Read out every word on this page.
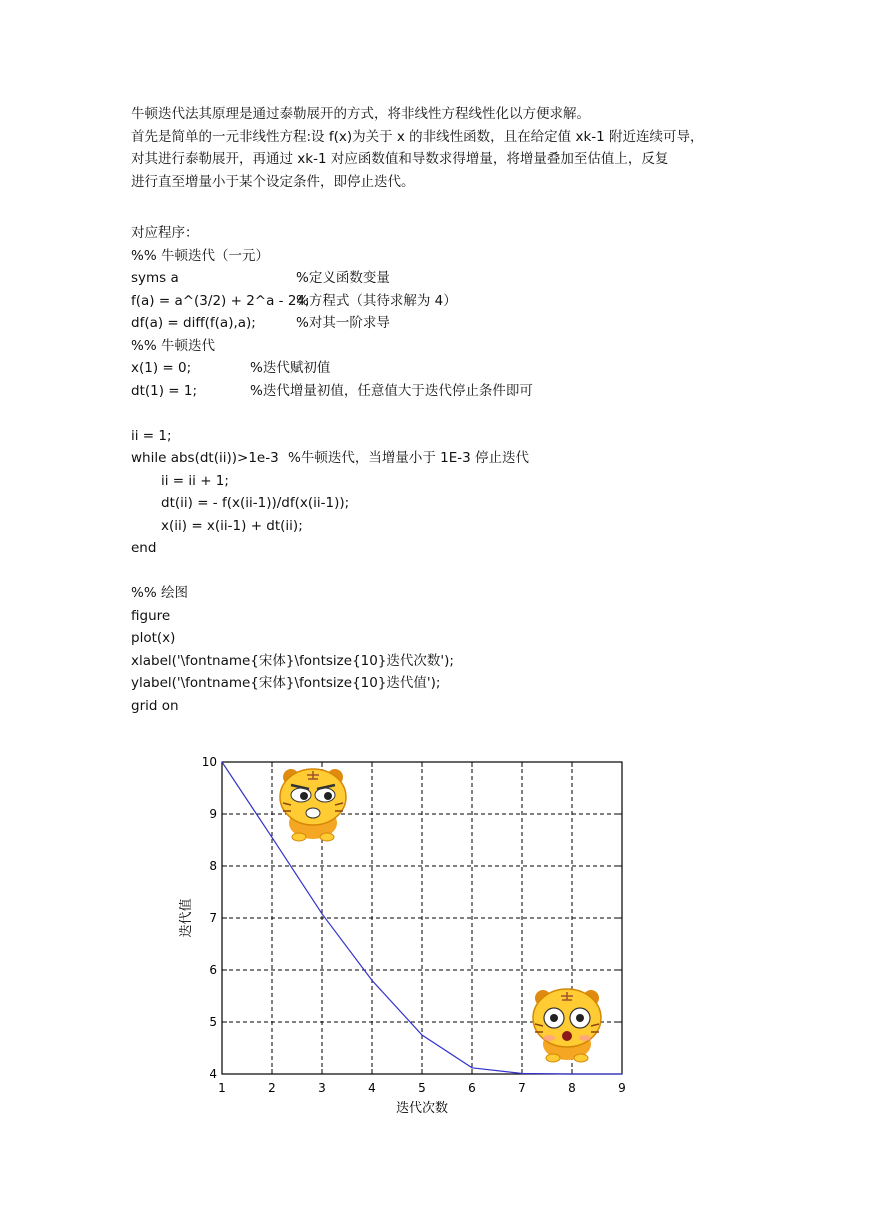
牛顿迭代法其原理是通过泰勒展开的方式，将非线性方程线性化以方便求解。

首先是简单的一元非线性方程:设 f(x)为关于 x 的非线性函数，且在给定值 xk-1 附近连续可导，

对其进行泰勒展开，再通过 xk-1 对应函数值和导数求得增量，将增量叠加至估值上，反复

进行直至增量小于某个设定条件，即停止迭代。

对应程序：
%% 牛顿迭代（一元）
syms a	%定义函数变量
f(a) = a^(3/2) + 2^a - 24;
%方程式（其待求解为 4）
df(a) = diff(f(a),a);	%对其一阶求导
%% 牛顿迭代
x(1) = 0;	%迭代赋初值
dt(1) = 1;	%迭代增量初值，任意值大于迭代停止条件即可
ii = 1;
while abs(dt(ii))>1e-3 %牛顿迭代，当增量小于 1E-3 停止迭代
ii = ii + 1;
dt(ii) = - f(x(ii-1))/df(x(ii-1));
x(ii) = x(ii-1) + dt(ii);
end
%% 绘图
figure
plot(x)
xlabel('\fontname{宋体}\fontsize{10}迭代次数');
ylabel('\fontname{宋体}\fontsize{10}迭代值');
grid on
1	2	3	4	5	6	7	8	9
4
5
6
7
8
9
10
迭代次数
迭代值
